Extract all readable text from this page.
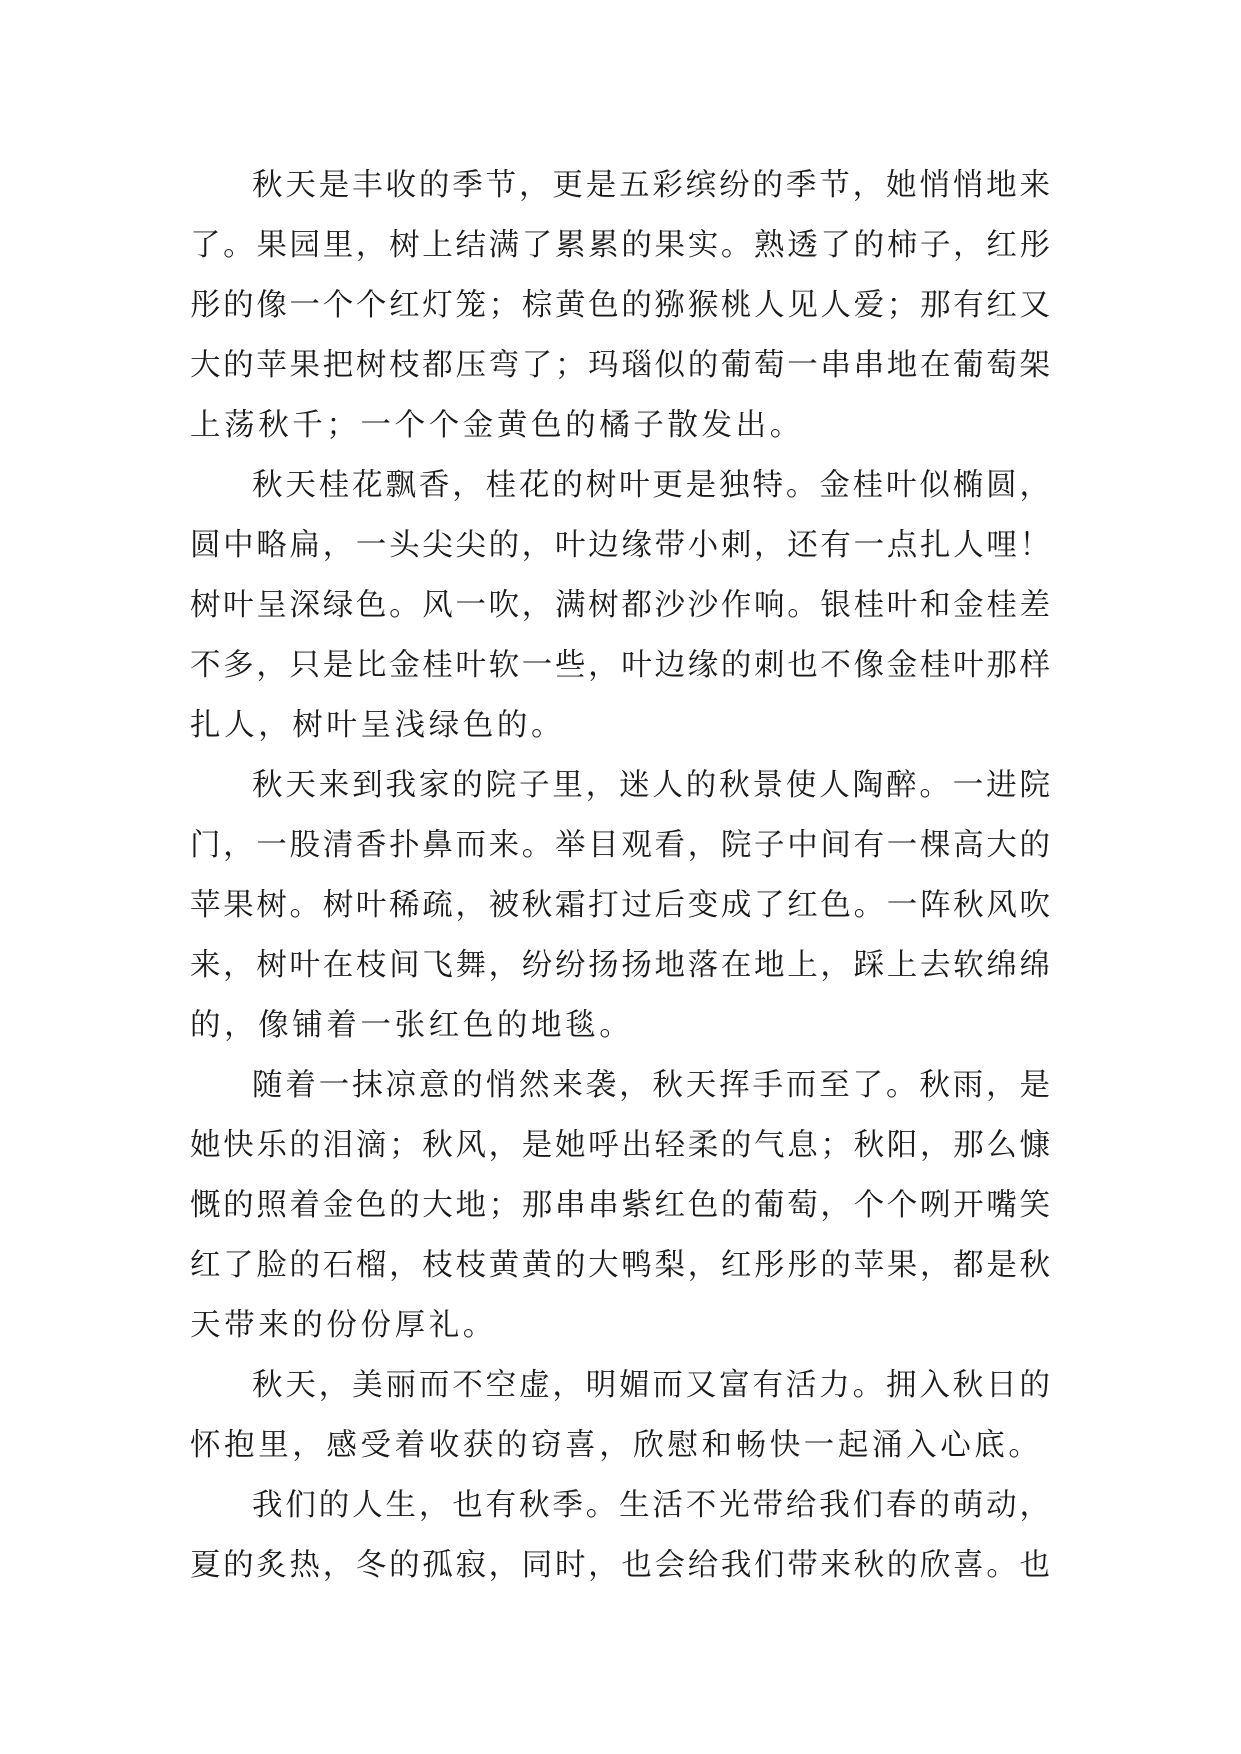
秋天是丰收的季节，更是五彩缤纷的季节，她悄悄地来
了。果园里，树上结满了累累的果实。熟透了的柿子，红彤
彤的像一个个红灯笼；棕黄色的猕猴桃人见人爱；那有红又
大的苹果把树枝都压弯了；玛瑙似的葡萄一串串地在葡萄架
上荡秋千；一个个金黄色的橘子散发出。
秋天桂花飘香，桂花的树叶更是独特。金桂叶似椭圆，
圆中略扁，一头尖尖的，叶边缘带小刺，还有一点扎人哩！
树叶呈深绿色。风一吹，满树都沙沙作响。银桂叶和金桂差
不多，只是比金桂叶软一些，叶边缘的刺也不像金桂叶那样
扎人，树叶呈浅绿色的。
秋天来到我家的院子里，迷人的秋景使人陶醉。一进院
门，一股清香扑鼻而来。举目观看，院子中间有一棵高大的
苹果树。树叶稀疏，被秋霜打过后变成了红色。一阵秋风吹
来，树叶在枝间飞舞，纷纷扬扬地落在地上，踩上去软绵绵
的，像铺着一张红色的地毯。
随着一抹凉意的悄然来袭，秋天挥手而至了。秋雨，是
她快乐的泪滴；秋风，是她呼出轻柔的气息；秋阳，那么慷
慨的照着金色的大地；那串串紫红色的葡萄，个个咧开嘴笑
红了脸的石榴，枝枝黄黄的大鸭梨，红彤彤的苹果，都是秋
天带来的份份厚礼。
秋天，美丽而不空虚，明媚而又富有活力。拥入秋日的
怀抱里，感受着收获的窃喜，欣慰和畅快一起涌入心底。
我们的人生，也有秋季。生活不光带给我们春的萌动，
夏的炙热，冬的孤寂，同时，也会给我们带来秋的欣喜。也
